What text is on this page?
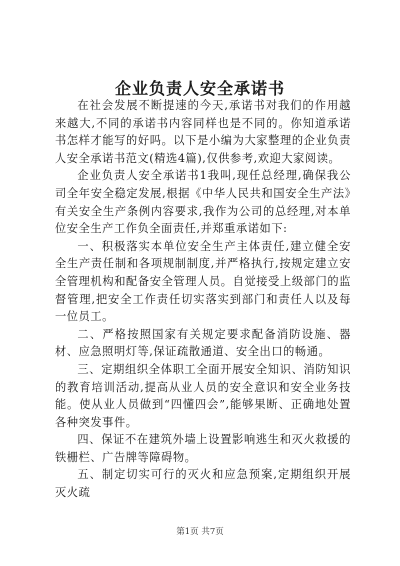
企业负责人安全承诺书

在社会发展不断提速的今天,承诺书对我们的作用越来越大,不同的承诺书内容同样也是不同的。你知道承诺书怎样才能写的好吗。以下是小编为大家整理的企业负责人安全承诺书范文(精选4篇),仅供参考,欢迎大家阅读。

企业负责人安全承诺书1我叫,现任总经理,确保我公司全年安全稳定发展,根据《中华人民共和国安全生产法》有关安全生产条例内容要求,我作为公司的总经理,对本单位安全生产工作负全面责任,并郑重承诺如下:

一、积极落实本单位安全生产主体责任,建立健全安全生产责任制和各项规制制度,并严格执行,按规定建立安全管理机构和配备安全管理人员。自觉接受上级部门的监督管理,把安全工作责任切实落实到部门和责任人以及每一位员工。

二、严格按照国家有关规定要求配备消防设施、器材、应急照明灯等,保证疏散通道、安全出口的畅通。

三、定期组织全体职工全面开展安全知识、消防知识的教育培训活动,提高从业人员的安全意识和安全业务技能。使从业人员做到“四懂四会”,能够果断、正确地处置各种突发事件。

四、保证不在建筑外墙上设置影响逃生和灭火救援的铁栅栏、广告牌等障碍物。

五、制定切实可行的灭火和应急预案,定期组织开展灭火疏

第1页 共7页
